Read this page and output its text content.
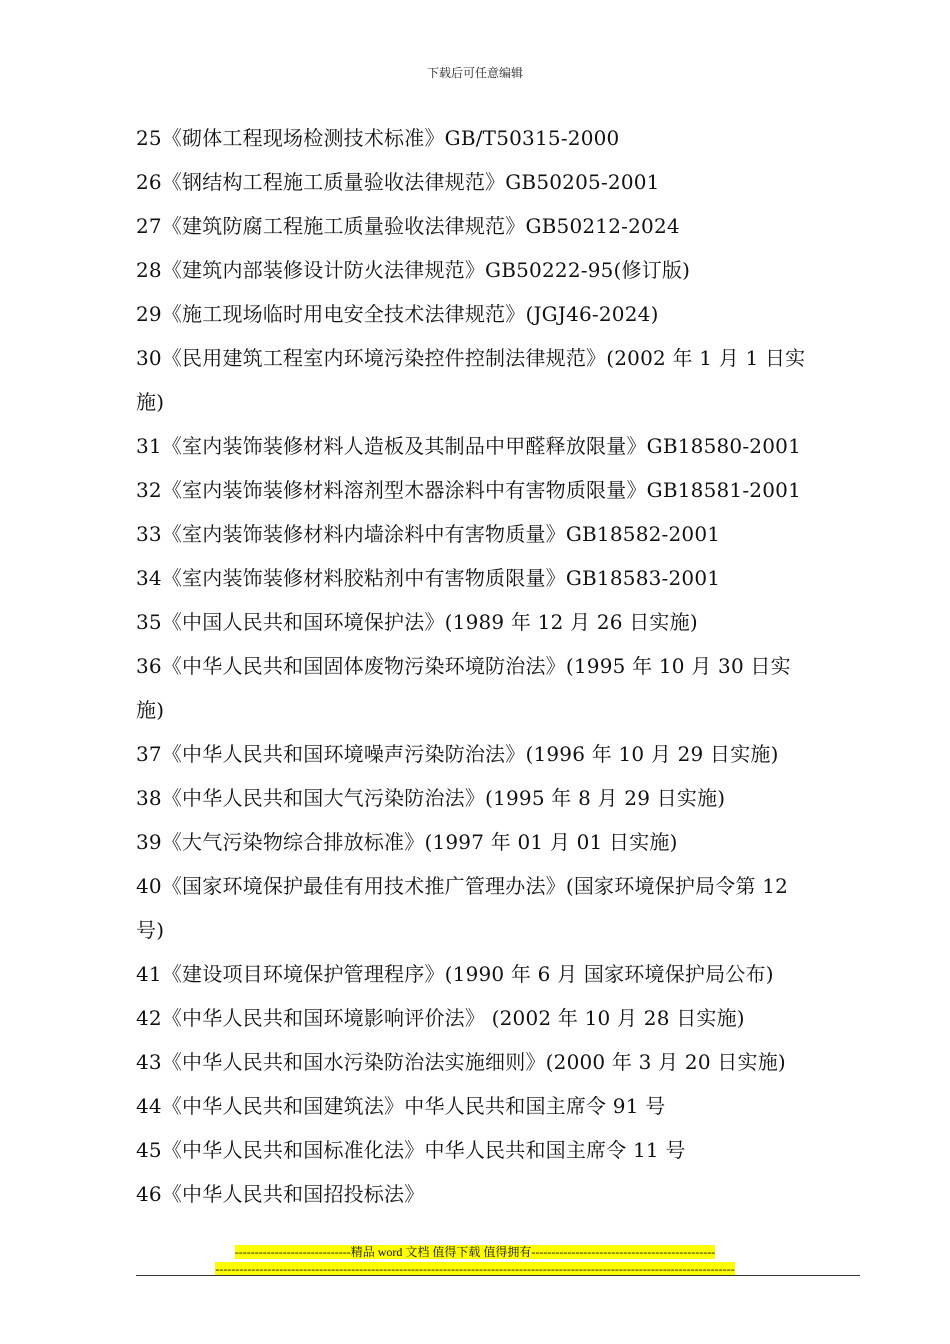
下载后可任意编辑
25《砌体工程现场检测技术标准》GB/T50315-2000
26《钢结构工程施工质量验收法律规范》GB50205-2001
27《建筑防腐工程施工质量验收法律规范》GB50212-2024
28《建筑内部装修设计防火法律规范》GB50222-95(修订版)
29《施工现场临时用电安全技术法律规范》(JGJ46-2024)
30《民用建筑工程室内环境污染控件控制法律规范》(2002 年 1 月 1 日实
施)
31《室内装饰装修材料人造板及其制品中甲醛释放限量》GB18580-2001
32《室内装饰装修材料溶剂型木器涂料中有害物质限量》GB18581-2001
33《室内装饰装修材料内墙涂料中有害物质量》GB18582-2001
34《室内装饰装修材料胶粘剂中有害物质限量》GB18583-2001
35《中国人民共和国环境保护法》(1989 年 12 月 26 日实施)
36《中华人民共和国固体废物污染环境防治法》(1995 年 10 月 30 日实
施)
37《中华人民共和国环境噪声污染防治法》(1996 年 10 月 29 日实施)
38《中华人民共和国大气污染防治法》(1995 年 8 月 29 日实施)
39《大气污染物综合排放标准》(1997 年 01 月 01 日实施)
40《国家环境保护最佳有用技术推广管理办法》(国家环境保护局令第 12
号)
41《建设项目环境保护管理程序》(1990 年 6 月 国家环境保护局公布)
42《中华人民共和国环境影响评价法》 (2002 年 10 月 28 日实施)
43《中华人民共和国水污染防治法实施细则》(2000 年 3 月 20 日实施)
44《中华人民共和国建筑法》中华人民共和国主席令 91 号
45《中华人民共和国标准化法》中华人民共和国主席令 11 号
46《中华人民共和国招投标法》
-----------------------------精品 word 文档 值得下载 值得拥有----------------------------------------------
----------------------------------------------------------------------------------------------------------------------------------
